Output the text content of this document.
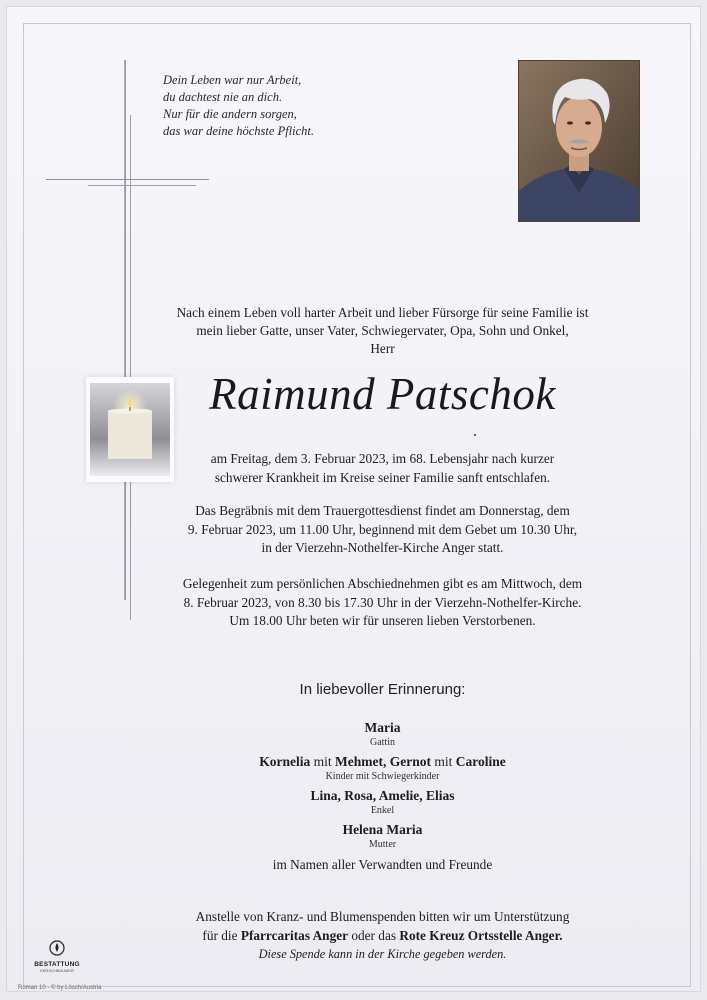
Dein Leben war nur Arbeit,
du dachtest nie an dich.
Nur für die andern sorgen,
das war deine höchste Pflicht.
Nach einem Leben voll harter Arbeit und lieber Fürsorge für seine Familie ist
mein lieber Gatte, unser Vater, Schwiegervater, Opa, Sohn und Onkel,
Herr
Raimund Patschok
am Freitag, dem 3. Februar 2023, im 68. Lebensjahr nach kurzer
schwerer Krankheit im Kreise seiner Familie sanft entschlafen.
Das Begräbnis mit dem Trauergottesdienst findet am Donnerstag, dem
9. Februar 2023, um 11.00 Uhr, beginnend mit dem Gebet um 10.30 Uhr,
in der Vierzehn-Nothelfer-Kirche Anger statt.
Gelegenheit zum persönlichen Abschiednehmen gibt es am Mittwoch, dem
8. Februar 2023, von 8.30 bis 17.30 Uhr in der Vierzehn-Nothelfer-Kirche.
Um 18.00 Uhr beten wir für unseren lieben Verstorbenen.
In liebevoller Erinnerung:
Maria
Gattin
Kornelia mit Mehmet, Gernot mit Caroline
Kinder mit Schwiegerkinder
Lina, Rosa, Amelie, Elias
Enkel
Helena Maria
Mutter
im Namen aller Verwandten und Freunde
Anstelle von Kranz- und Blumenspenden bitten wir um Unterstützung
für die Pfarrcaritas Anger oder das Rote Kreuz Ortsstelle Anger.
Diese Spende kann in der Kirche gegeben werden.
BESTATTUNG
KERSCHBAUMER
Roman 10 - © by Lösch/Austria
